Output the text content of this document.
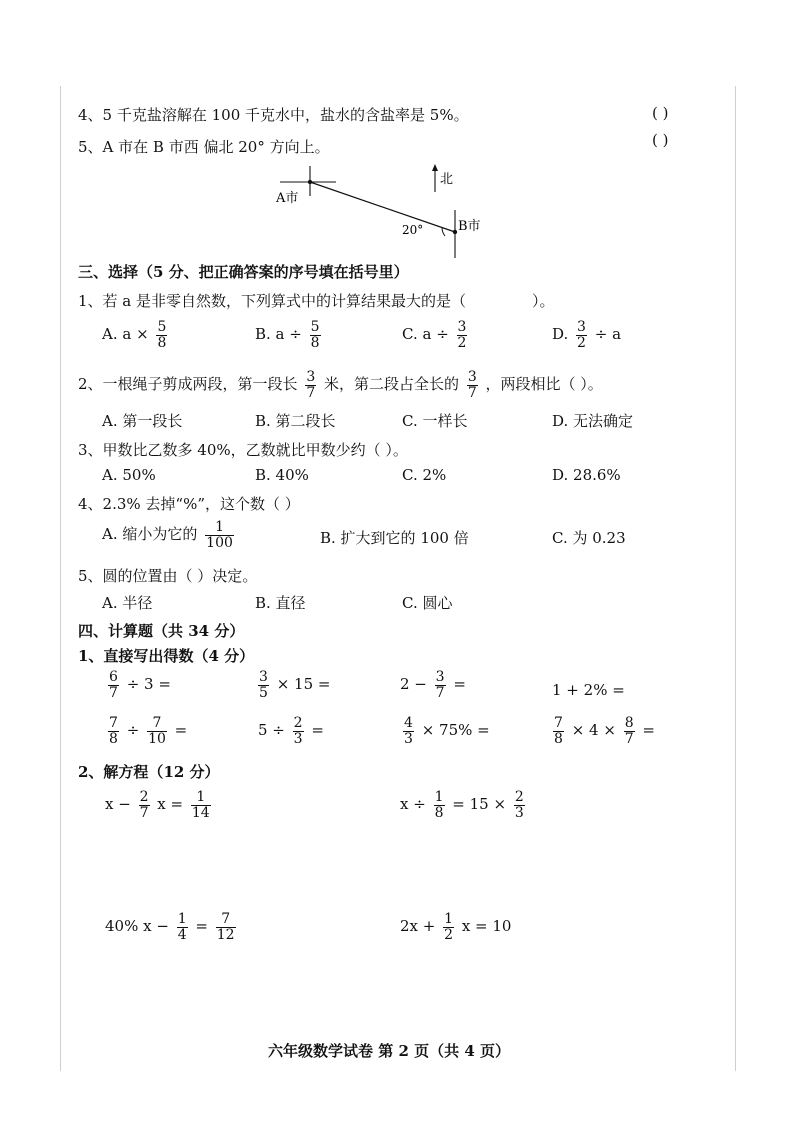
4、5 千克盐溶解在 100 千克水中，盐水的含盐率是 5%。	( )
5、A 市在 B 市西 偏北 20° 方向上。	( )
A市
B市
北
20°
三、选择（5 分、把正确答案的序号填在括号里）
1、若 a 是非零自然数，下列算式中的计算结果最大的是（	）。
A. $a \times \frac{5}{8}$	B. $a \div \frac{5}{8}$	C. $a \div \frac{3}{2}$	D. $\frac{3}{2} \div a$
2、一根绳子剪成两段，第一段长 $\frac{3}{7}$ 米，第二段占全长的 $\frac{3}{7}$ ，两段相比（ ）。
A. 第一段长	B. 第二段长	C. 一样长	D. 无法确定
3、甲数比乙数多 40%，乙数就比甲数少约（ ）。
A. 50%	B. 40%	C. 2%	D. 28.6%
4、2.3% 去掉“%”，这个数（ ）
A. 缩小为它的 $\frac{1}{100}$	B. 扩大到它的 100 倍	C. 为 0.23
5、圆的位置由（ ）决定。
A. 半径	B. 直径	C. 圆心
四、计算题（共 34 分）
1、直接写出得数（4 分）
$\frac{6}{7} \div 3$ =	$\frac{3}{5} \times 15$ =	$2 - \frac{3}{7}$ =	1 + 2% =
$\frac{7}{8} \div \frac{7}{10}$ =	$5 \div \frac{2}{3}$ =	$\frac{4}{3} \times 75\%$ =	$\frac{7}{8} \times 4 \times \frac{8}{7}$ =
2、解方程（12 分）
$x - \frac{2}{7}$ $x = \frac{1}{14}$	$x \div \frac{1}{8} = 15 \times \frac{2}{3}$
40% $x - \frac{1}{4} = \frac{7}{12}$	$2x + \frac{1}{2}$ x = 10
六年级数学试卷 第 2 页（共 4 页）
